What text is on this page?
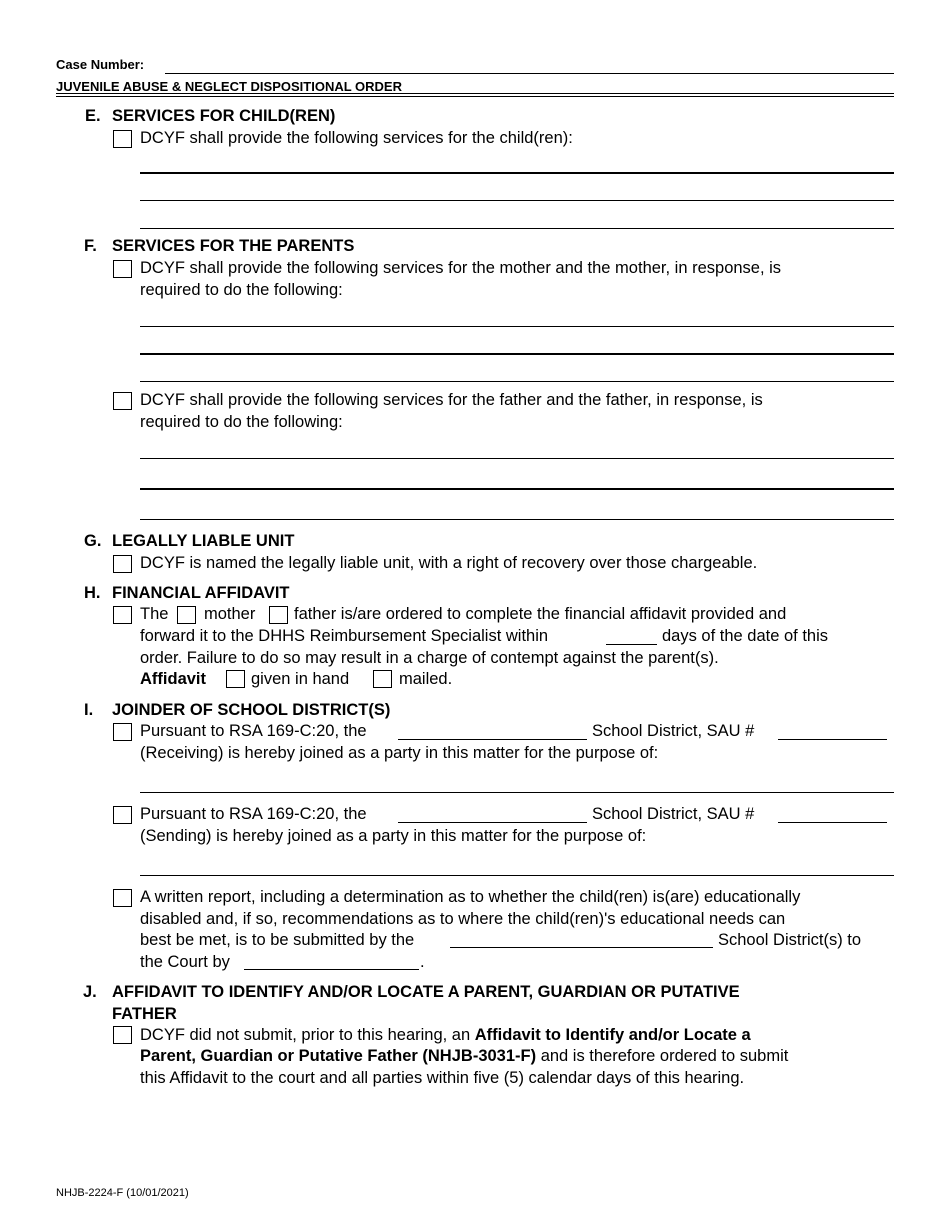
Case Number:
JUVENILE ABUSE & NEGLECT DISPOSITIONAL ORDER
E. SERVICES FOR CHILD(REN)
DCYF shall provide the following services for the child(ren):
F. SERVICES FOR THE PARENTS
DCYF shall provide the following services for the mother and the mother, in response, is
required to do the following:
DCYF shall provide the following services for the father and the father, in response, is
required to do the following:
G. LEGALLY LIABLE UNIT
DCYF is named the legally liable unit, with a right of recovery over those chargeable.
H. FINANCIAL AFFIDAVIT
The mother father is/are ordered to complete the financial affidavit provided and
forward it to the DHHS Reimbursement Specialist within	days of the date of this
order. Failure to do so may result in a charge of contempt against the parent(s).
Affidavit	given in hand	mailed.
I. JOINDER OF SCHOOL DISTRICT(S)
Pursuant to RSA 169-C:20, the	School District, SAU #
(Receiving) is hereby joined as a party in this matter for the purpose of:
Pursuant to RSA 169-C:20, the	School District, SAU #
(Sending) is hereby joined as a party in this matter for the purpose of:
A written report, including a determination as to whether the child(ren) is(are) educationally
disabled and, if so, recommendations as to where the child(ren)'s educational needs can
best be met, is to be submitted by the	School District(s) to
the Court by	.
J. AFFIDAVIT TO IDENTIFY AND/OR LOCATE A PARENT, GUARDIAN OR PUTATIVE
FATHER
DCYF did not submit, prior to this hearing, an Affidavit to Identify and/or Locate a
Parent, Guardian or Putative Father (NHJB-3031-F) and is therefore ordered to submit
this Affidavit to the court and all parties within five (5) calendar days of this hearing.
NHJB-2224-F (10/01/2021)
